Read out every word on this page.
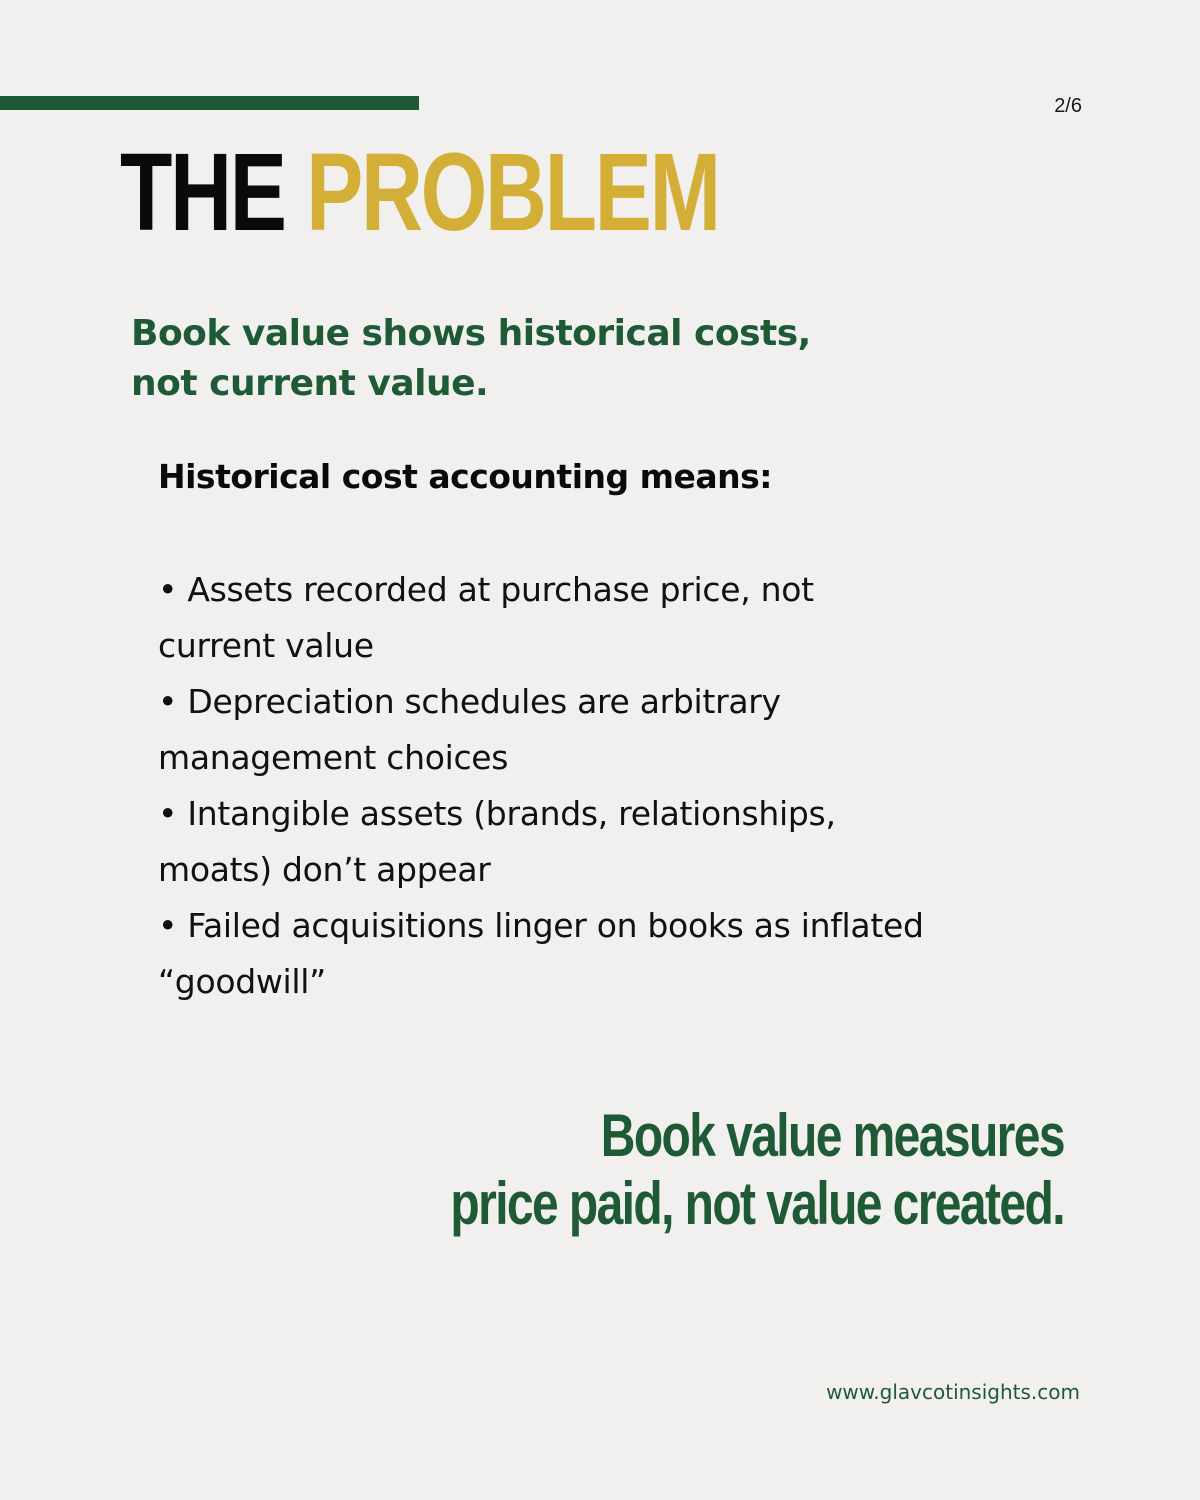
2/6
THE PROBLEM
Book value shows historical costs,
not current value.
Historical cost accounting means:
• Assets recorded at purchase price, not
current value
• Depreciation schedules are arbitrary
management choices
• Intangible assets (brands, relationships,
moats) don’t appear
• Failed acquisitions linger on books as inflated
“goodwill”

Book value measures
price paid, not value created.

www.glavcotinsights.com
